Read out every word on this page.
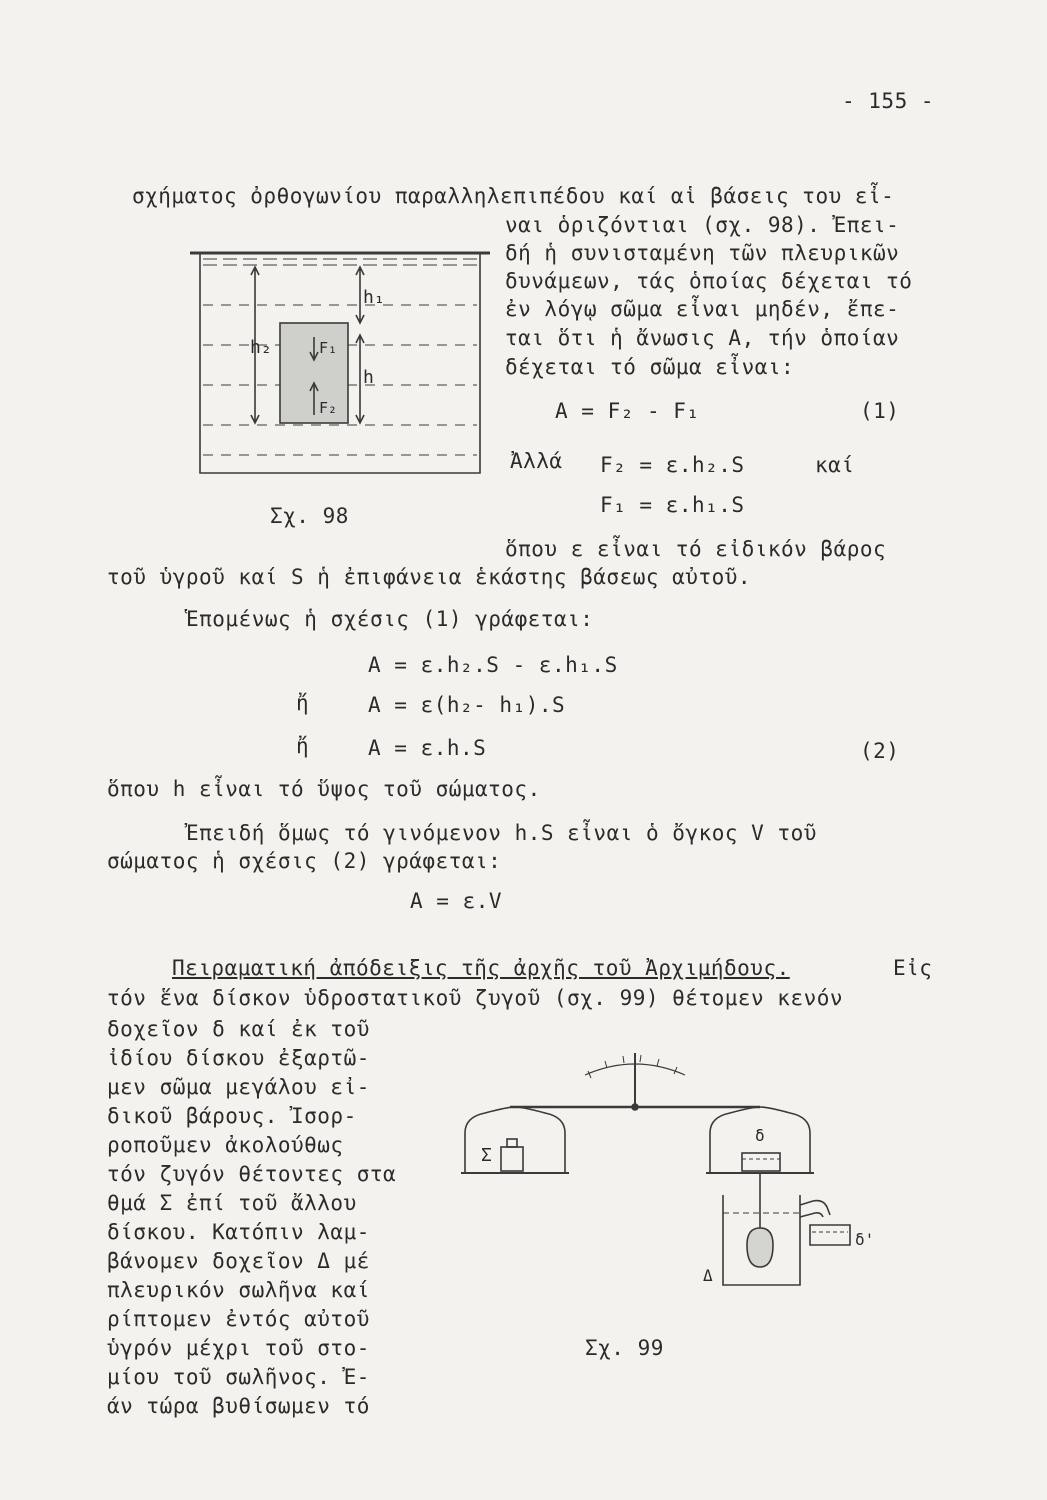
- 155 -
σχήματος ὀρθογωνίου παραλληλεπιπέδου καί αἱ βάσεις του εἶ-
ναι ὁριζόντιαι (σχ. 98). Ἐπει-
δή ἡ συνισταμένη τῶν πλευρικῶν
δυνάμεων, τάς ὁποίας δέχεται τό
ἐν λόγῳ σῶμα εἶναι μηδέν, ἔπε-
ται ὅτι ἡ ἄνωσις Α, τήν ὁποίαν
δέχεται τό σῶμα εἶναι:
Α = F₂ - F₁	(1)
Ἀλλά F₂ = ε.h₂.S	καί
F₁ = ε.h₁.S
h₂
h₁
h
F₁
F₂
Σχ. 98
ὅπου ε εἶναι τό εἰδικόν βάρος
τοῦ ὑγροῦ καί S ἡ ἐπιφάνεια ἑκάστης βάσεως αὐτοῦ.
Ἑπομένως ἡ σχέσις (1) γράφεται:
Α = ε.h₂.S - ε.h₁.S
ἤ	Α = ε(h₂- h₁).S
ἤ	Α = ε.h.S	(2)
ὅπου h εἶναι τό ὕψος τοῦ σώματος.
Ἐπειδή ὅμως τό γινόμενον h.S εἶναι ὁ ὄγκος V τοῦ
σώματος ἡ σχέσις (2) γράφεται:
Α = ε.V
Πειραματική ἀπόδειξις τῆς ἀρχῆς τοῦ Ἀρχιμήδους.	Εἰς
τόν ἕνα δίσκον ὑδροστατικοῦ ζυγοῦ (σχ. 99) θέτομεν κενόν
δοχεῖον δ καί ἐκ τοῦ
ἰδίου δίσκου ἐξαρτῶ-
μεν σῶμα μεγάλου εἰ-
δικοῦ βάρους. Ἰσορ-
ροποῦμεν ἀκολούθως
τόν ζυγόν θέτοντες στα
θμά Σ ἐπί τοῦ ἄλλου
δίσκου. Κατόπιν λαμ-
βάνομεν δοχεῖον Δ μέ
πλευρικόν σωλῆνα καί
ρίπτομεν ἐντός αὐτοῦ
ὑγρόν μέχρι τοῦ στο-
μίου τοῦ σωλῆνος. Ἐ-
άν τώρα βυθίσωμεν τό
Σ
δ
δ'
Δ
Σχ. 99
